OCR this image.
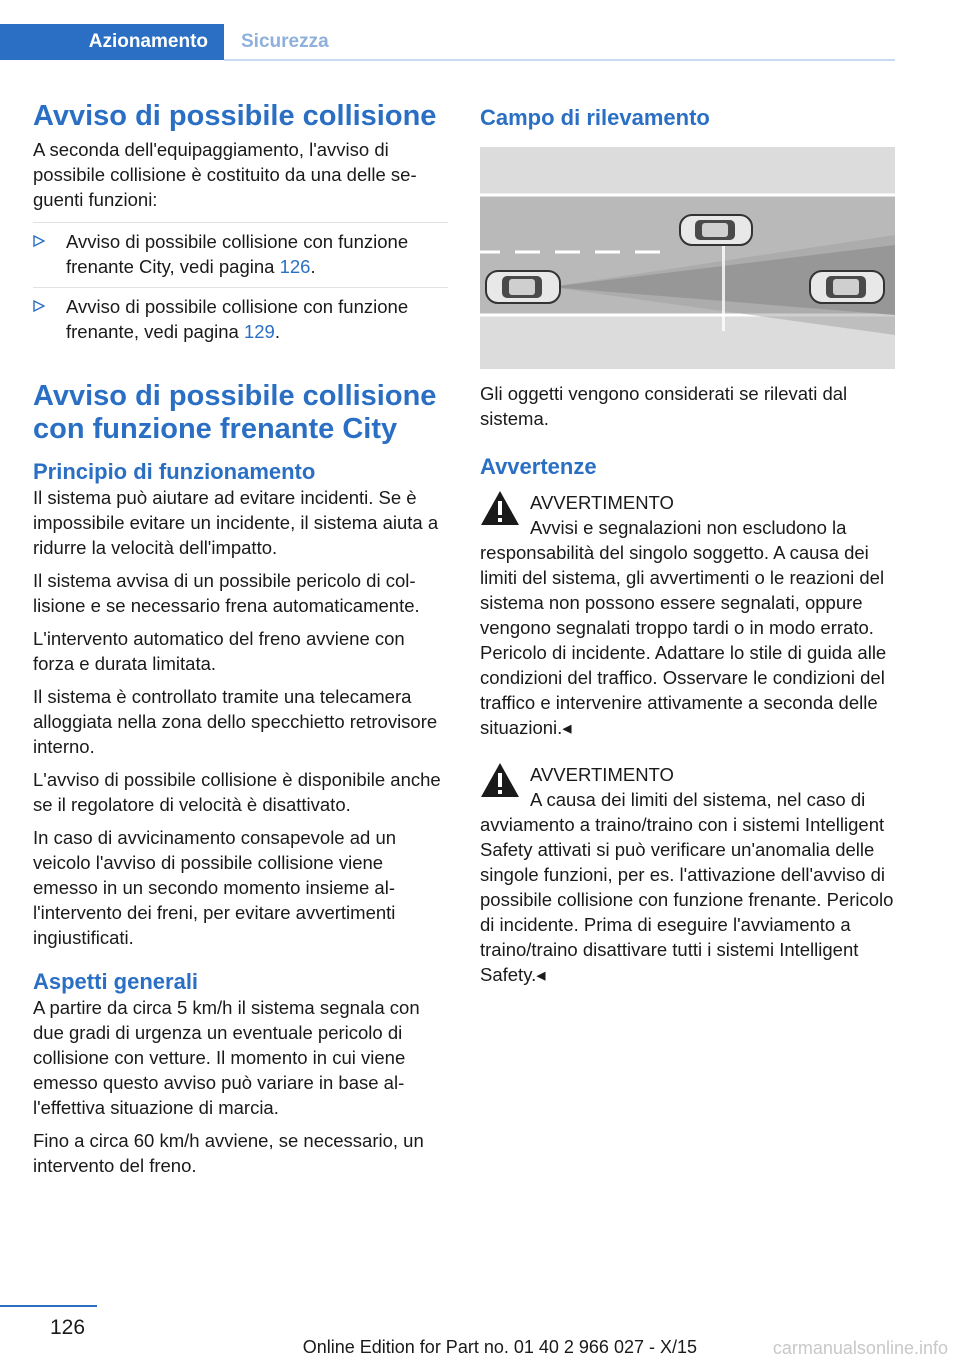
Azionamento	Sicurezza
Avviso di possibile collisione

A seconda dell'equipaggiamento, l'avviso di possibile collisione è costituito da una delle seguenti funzioni:

Avviso di possibile collisione con funzione frenante City, vedi pagina 126.
Avviso di possibile collisione con funzione frenante, vedi pagina 129.
Avviso di possibile collisione con funzione frenante City
Principio di funzionamento

Il sistema può aiutare ad evitare incidenti. Se è impossibile evitare un incidente, il sistema aiuta a ridurre la velocità dell'impatto.

Il sistema avvisa di un possibile pericolo di collisione e se necessario frena automaticamente.

L'intervento automatico del freno avviene con forza e durata limitata.

Il sistema è controllato tramite una telecamera alloggiata nella zona dello specchietto retrovisore interno.

L'avviso di possibile collisione è disponibile anche se il regolatore di velocità è disattivato.

In caso di avvicinamento consapevole ad un veicolo l'avviso di possibile collisione viene emesso in un secondo momento insieme all'intervento dei freni, per evitare avvertimenti ingiustificati.

Aspetti generali

A partire da circa 5 km/h il sistema segnala con due gradi di urgenza un eventuale pericolo di collisione con vetture. Il momento in cui viene emesso questo avviso può variare in base all'effettiva situazione di marcia.

Fino a circa 60 km/h avviene, se necessario, un intervento del freno.

Campo di rilevamento

Gli oggetti vengono considerati se rilevati dal sistema.

Avvertenze
AVVERTIMENTO

Avvisi e segnalazioni non escludono la

responsabilità del singolo soggetto. A causa dei limiti del sistema, gli avvertimenti o le reazioni del sistema non possono essere segnalati, oppure vengono segnalati troppo tardi o in modo errato. Pericolo di incidente. Adattare lo stile di guida alle condizioni del traffico. Osservare le condizioni del traffico e intervenire attivamente a seconda delle situazioni.◂

AVVERTIMENTO

A causa dei limiti del sistema, nel caso di

avviamento a traino/traino con i sistemi Intelligent Safety attivati si può verificare un'anomalia delle singole funzioni, per es. l'attivazione dell'avviso di possibile collisione con funzione frenante. Pericolo di incidente. Prima di eseguire l'avviamento a traino/traino disattivare tutti i sistemi Intelligent Safety.◂

126
Online Edition for Part no. 01 40 2 966 027 - X/15	carmanualsonline.info
